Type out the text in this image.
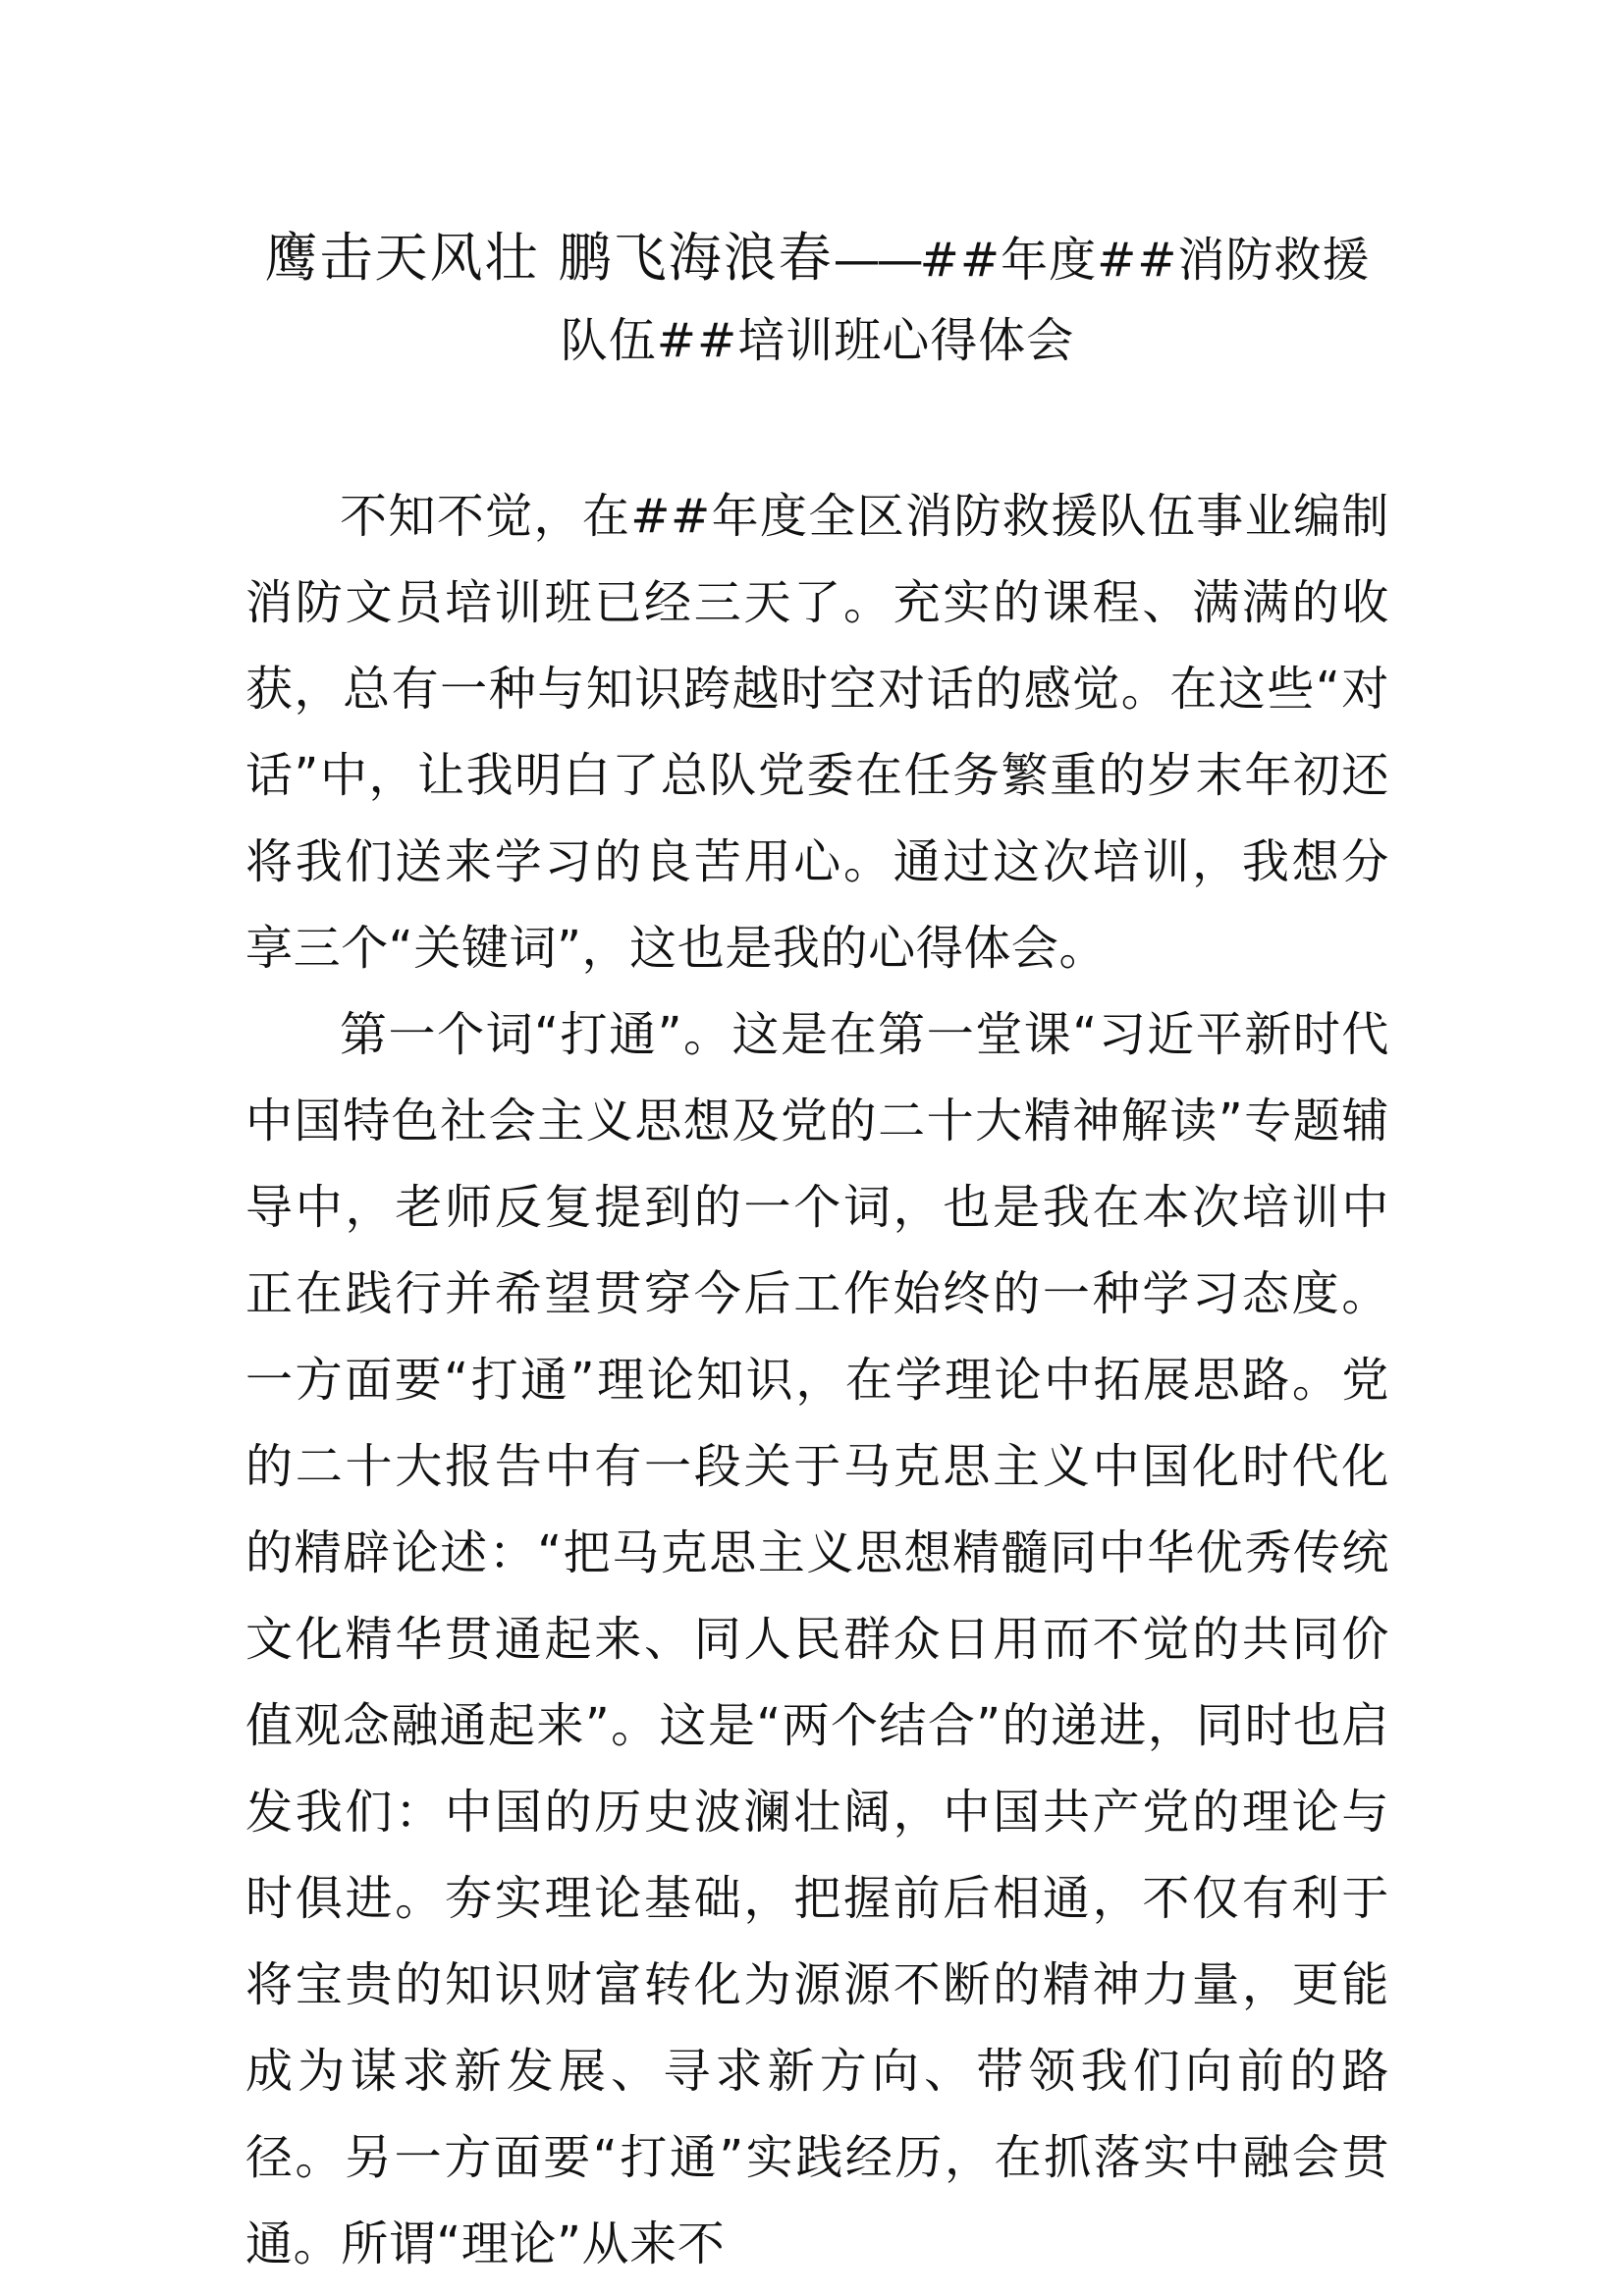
鹰击天风壮 鹏飞海浪春——##年度##消防救援队伍##培训班心得体会

不知不觉，在##年度全区消防救援队伍事业编制消防文员培训班已经三天了。充实的课程、满满的收获，总有一种与知识跨越时空对话的感觉。在这些“对话”中，让我明白了总队党委在任务繁重的岁末年初还将我们送来学习的良苦用心。通过这次培训，我想分享三个“关键词”，这也是我的心得体会。

第一个词“打通”。这是在第一堂课“习近平新时代中国特色社会主义思想及党的二十大精神解读”专题辅导中，老师反复提到的一个词，也是我在本次培训中正在践行并希望贯穿今后工作始终的一种学习态度。一方面要“打通”理论知识，在学理论中拓展思路。党的二十大报告中有一段关于马克思主义中国化时代化的精辟论述：“把马克思主义思想精髓同中华优秀传统文化精华贯通起来、同人民群众日用而不觉的共同价值观念融通起来”。这是“两个结合”的递进，同时也启发我们：中国的历史波澜壮阔，中国共产党的理论与时俱进。夯实理论基础，把握前后相通，不仅有利于将宝贵的知识财富转化为源源不断的精神力量，更能成为谋求新发展、寻求新方向、带领我们向前的路径。另一方面要“打通”实践经历，在抓落实中融会贯通。所谓“理论”从来不
